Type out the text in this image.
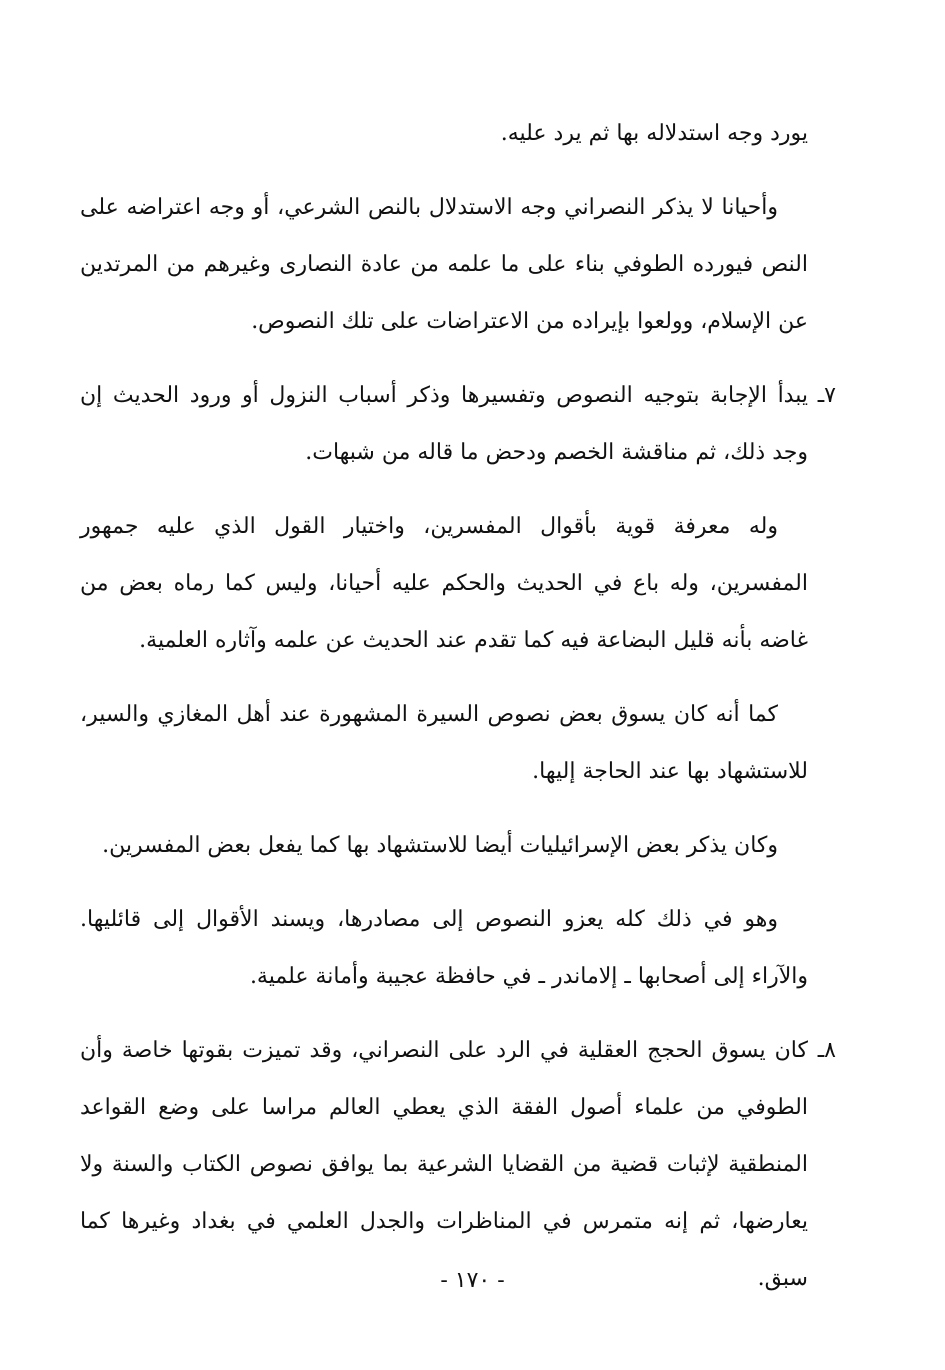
يورد وجه استدلاله بها ثم يرد عليه.

وأحيانا لا يذكر النصراني وجه الاستدلال بالنص الشرعي، أو وجه اعتراضه على النص فيورده الطوفي بناء على ما علمه من عادة النصارى وغيرهم من المرتدين عن الإسلام، وولعوا بإيراده من الاعتراضات على تلك النصوص.

٧ـ

يبدأ الإجابة بتوجيه النصوص وتفسيرها وذكر أسباب النزول أو ورود الحديث إن وجد ذلك، ثم مناقشة الخصم ودحض ما قاله من شبهات.

وله معرفة قوية بأقوال المفسرين، واختيار القول الذي عليه جمهور المفسرين، وله باع في الحديث والحكم عليه أحيانا، وليس كما رماه بعض من غاضه بأنه قليل البضاعة فيه كما تقدم عند الحديث عن علمه وآثاره العلمية.

كما أنه كان يسوق بعض نصوص السيرة المشهورة عند أهل المغازي والسير، للاستشهاد بها عند الحاجة إليها.

وكان يذكر بعض الإسرائيليات أيضا للاستشهاد بها كما يفعل بعض المفسرين.

وهو في ذلك كله يعزو النصوص إلى مصادرها، ويسند الأقوال إلى قائليها. والآراء إلى أصحابها ـ إلاماندر ـ في حافظة عجيبة وأمانة علمية.

٨ـ

كان يسوق الحجج العقلية في الرد على النصراني، وقد تميزت بقوتها خاصة وأن الطوفي من علماء أصول الفقة الذي يعطي العالم مراسا على وضع القواعد المنطقية لإثبات قضية من القضايا الشرعية بما يوافق نصوص الكتاب والسنة ولا يعارضها، ثم إنه متمرس في المناظرات والجدل العلمي في بغداد وغيرها كما سبق.

- ١٧٠ -
